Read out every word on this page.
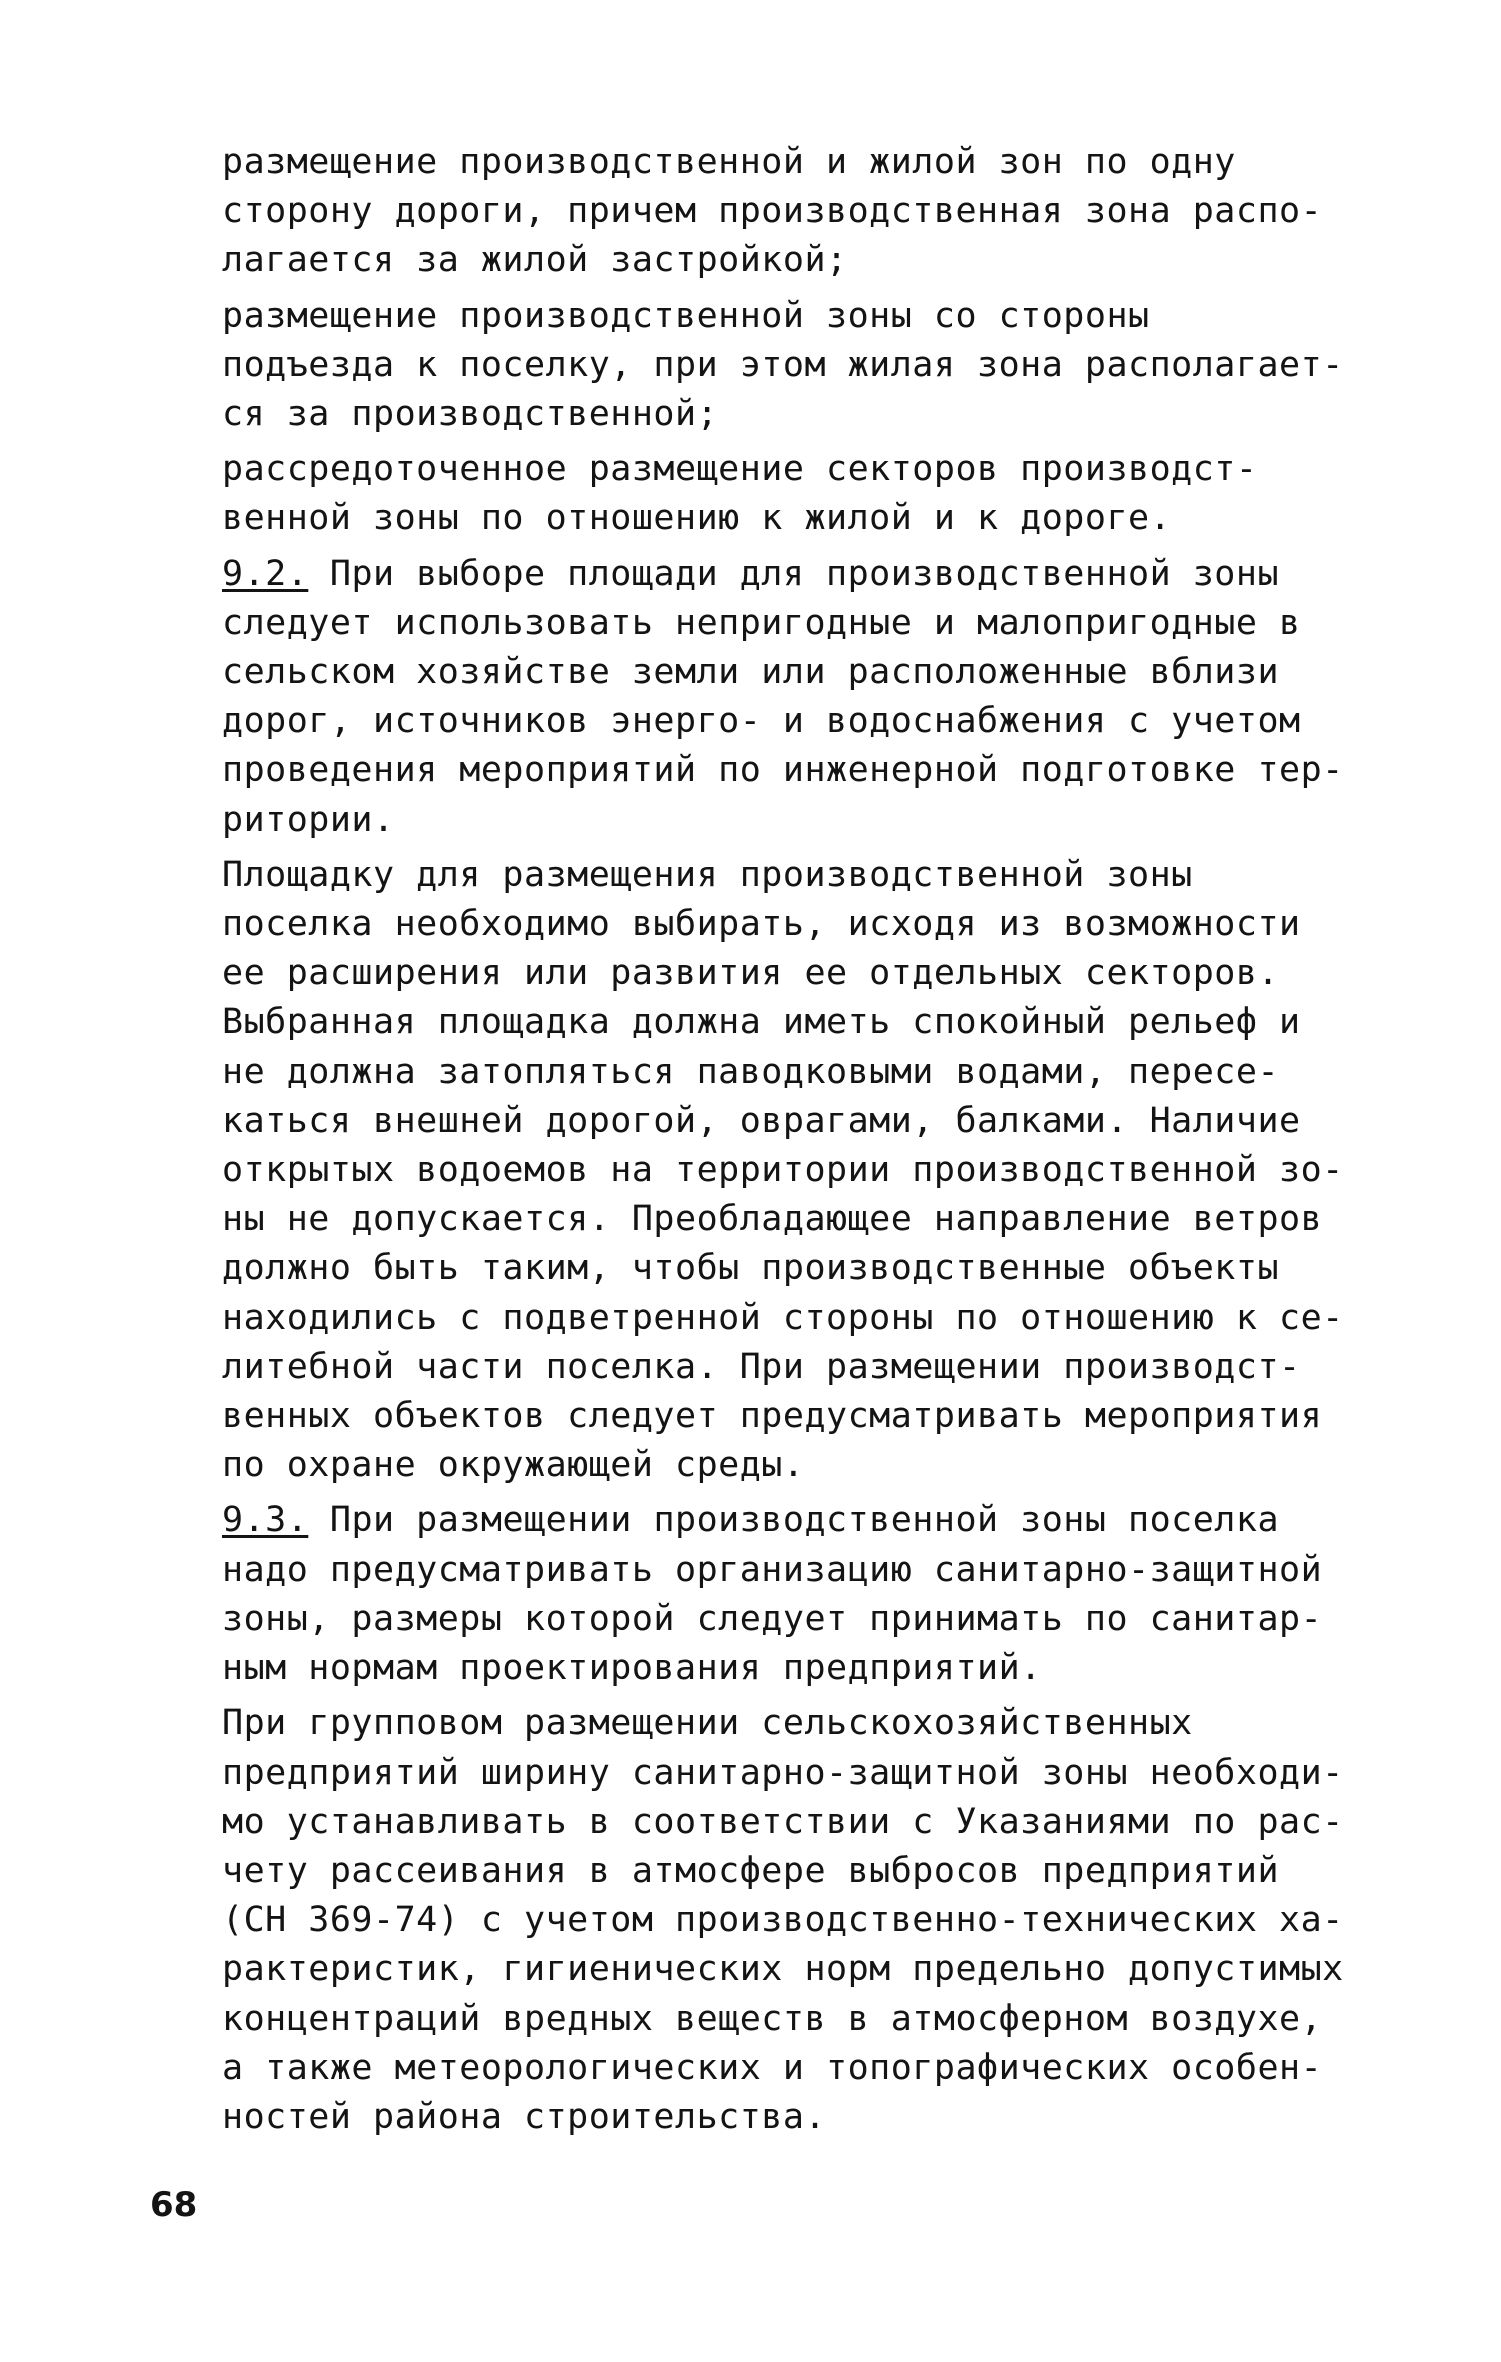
размещение производственной и жилой зон по одну
сторону дороги, причем производственная зона распо-
лагается за жилой застройкой;
размещение производственной зоны со стороны
подъезда к поселку, при этом жилая зона располагает-
ся за производственной;
рассредоточенное размещение секторов производст-
венной зоны по отношению к жилой и к дороге.
9.2. При выборе площади для производственной зоны
следует использовать непригодные и малопригодные в
сельском хозяйстве земли или расположенные вблизи
дорог, источников энерго- и водоснабжения с учетом
проведения мероприятий по инженерной подготовке тер-
ритории.
Площадку для размещения производственной зоны
поселка необходимо выбирать, исходя из возможности
ее расширения или развития ее отдельных секторов.
Выбранная площадка должна иметь спокойный рельеф и
не должна затопляться паводковыми водами, пересе-
каться внешней дорогой, оврагами, балками. Наличие
открытых водоемов на территории производственной зо-
ны не допускается. Преобладающее направление ветров
должно быть таким, чтобы производственные объекты
находились с подветренной стороны по отношению к се-
литебной части поселка. При размещении производст-
венных объектов следует предусматривать мероприятия
по охране окружающей среды.
9.3. При размещении производственной зоны поселка
надо предусматривать организацию санитарно-защитной
зоны, размеры которой следует принимать по санитар-
ным нормам проектирования предприятий.
При групповом размещении сельскохозяйственных
предприятий ширину санитарно-защитной зоны необходи-
мо устанавливать в соответствии с Указаниями по рас-
чету рассеивания в атмосфере выбросов предприятий
(СН 369-74) с учетом производственно-технических ха-
рактеристик, гигиенических норм предельно допустимых
концентраций вредных веществ в атмосферном воздухе,
а также метеорологических и топографических особен-
ностей района строительства.
68
